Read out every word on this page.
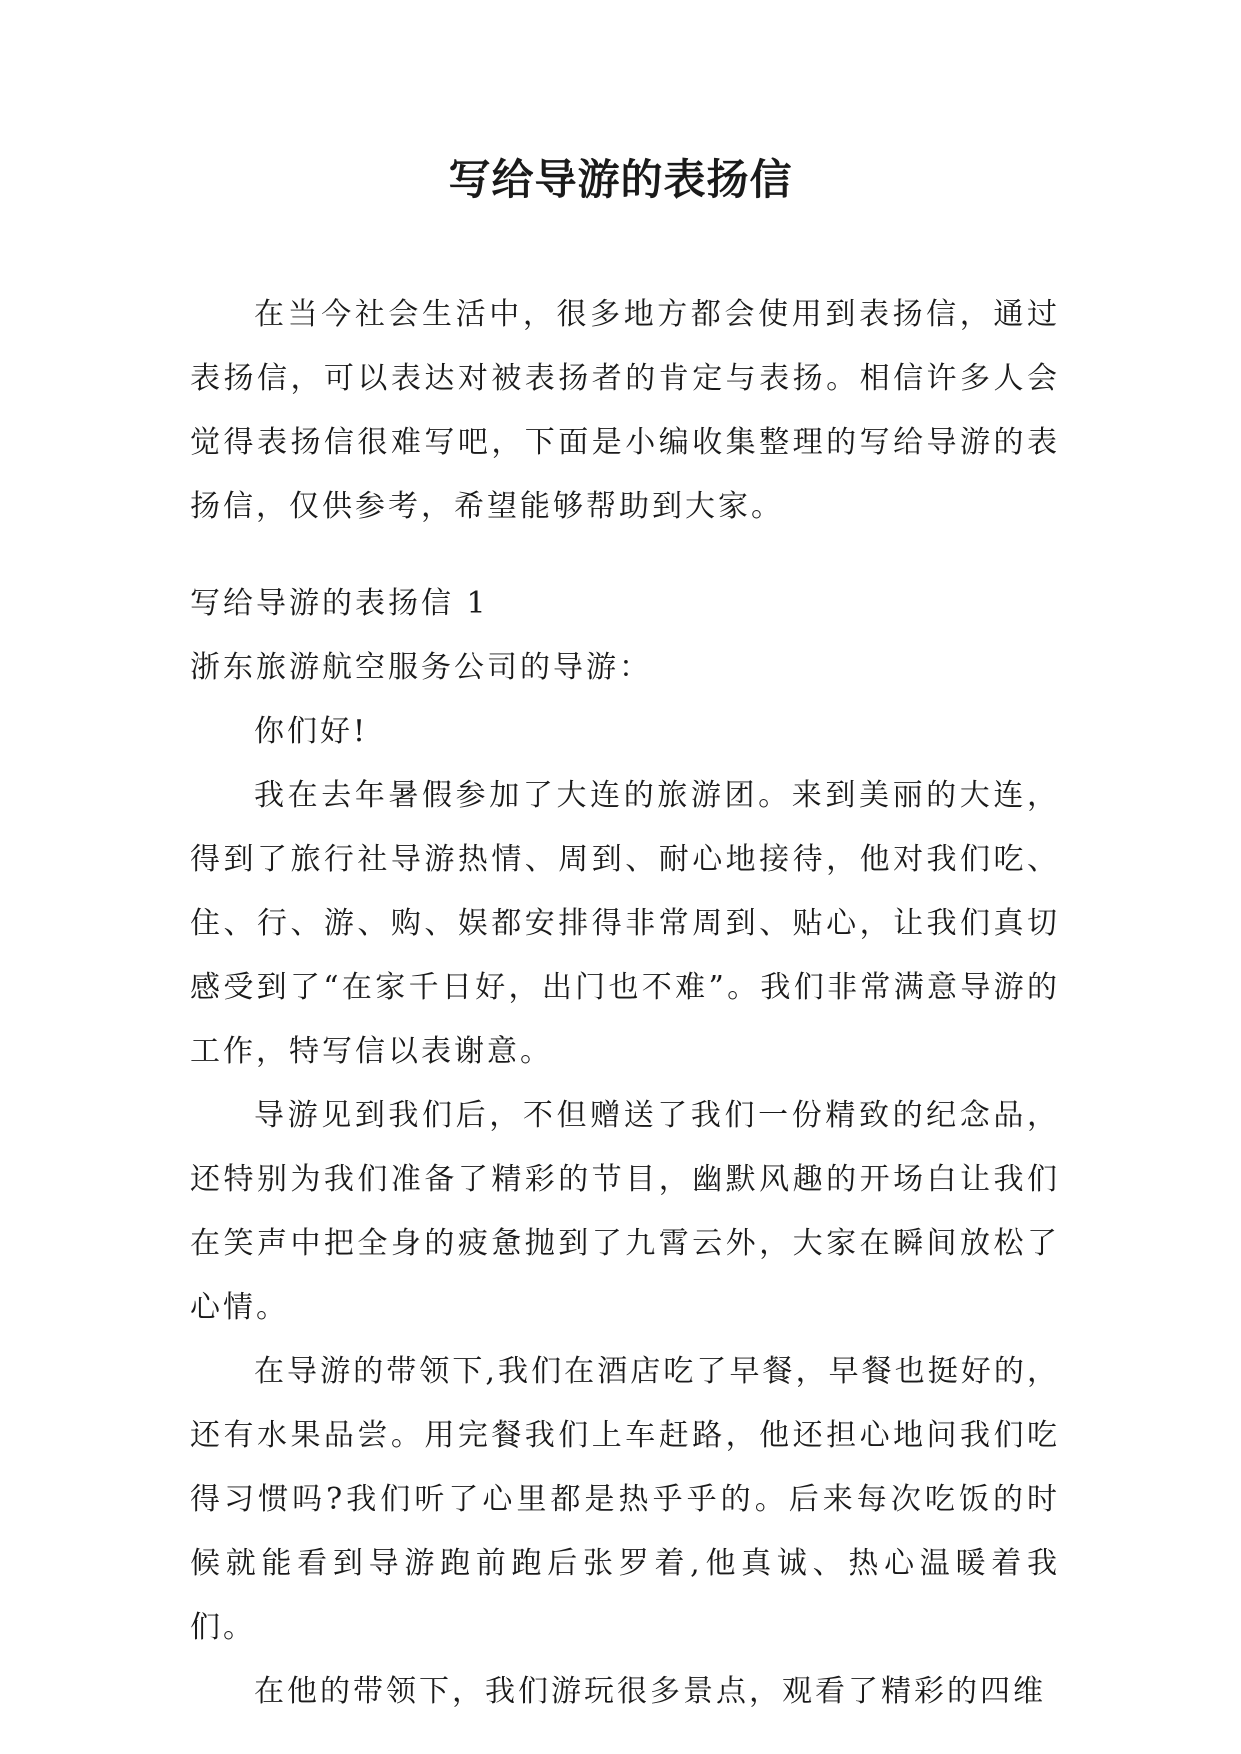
写给导游的表扬信

在当今社会生活中，很多地方都会使用到表扬信，通过表扬信，可以表达对被表扬者的肯定与表扬。相信许多人会觉得表扬信很难写吧，下面是小编收集整理的写给导游的表扬信，仅供参考，希望能够帮助到大家。

写给导游的表扬信 1

浙东旅游航空服务公司的导游：

你们好!

我在去年暑假参加了大连的旅游团。来到美丽的大连，得到了旅行社导游热情、周到、耐心地接待，他对我们吃、住、行、游、购、娱都安排得非常周到、贴心，让我们真切感受到了“在家千日好，出门也不难”。我们非常满意导游的工作，特写信以表谢意。

导游见到我们后，不但赠送了我们一份精致的纪念品，还特别为我们准备了精彩的节目，幽默风趣的开场白让我们在笑声中把全身的疲惫抛到了九霄云外，大家在瞬间放松了心情。

在导游的带领下,我们在酒店吃了早餐，早餐也挺好的，还有水果品尝。用完餐我们上车赶路，他还担心地问我们吃得习惯吗?我们听了心里都是热乎乎的。后来每次吃饭的时候就能看到导游跑前跑后张罗着,他真诚、热心温暖着我们。

在他的带领下，我们游玩很多景点，观看了精彩的四维
